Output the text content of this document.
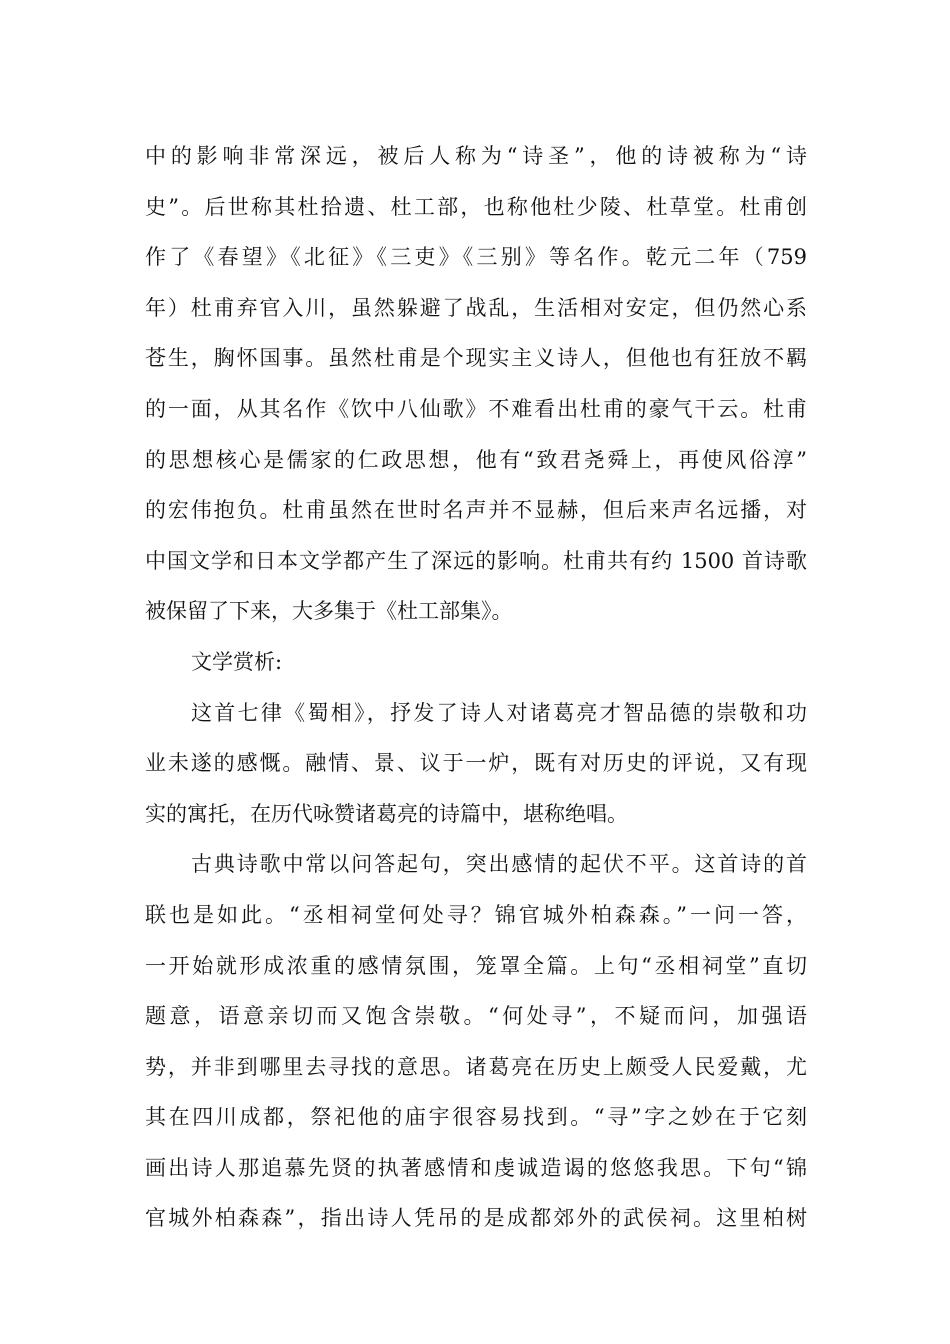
中的影响非常深远，被后人称为“诗圣”，他的诗被称为“诗
史”。后世称其杜拾遗、杜工部，也称他杜少陵、杜草堂。杜甫创
作了《春望》《北征》《三吏》《三别》等名作。乾元二年（759
年）杜甫弃官入川，虽然躲避了战乱，生活相对安定，但仍然心系
苍生，胸怀国事。虽然杜甫是个现实主义诗人，但他也有狂放不羁
的一面，从其名作《饮中八仙歌》不难看出杜甫的豪气干云。杜甫
的思想核心是儒家的仁政思想，他有“致君尧舜上，再使风俗淳”
的宏伟抱负。杜甫虽然在世时名声并不显赫，但后来声名远播，对
中国文学和日本文学都产生了深远的影响。杜甫共有约 1500 首诗歌
被保留了下来，大多集于《杜工部集》。
文学赏析:
这首七律《蜀相》，抒发了诗人对诸葛亮才智品德的崇敬和功
业未遂的感慨。融情、景、议于一炉，既有对历史的评说，又有现
实的寓托，在历代咏赞诸葛亮的诗篇中，堪称绝唱。
古典诗歌中常以问答起句，突出感情的起伏不平。这首诗的首
联也是如此。“丞相祠堂何处寻？锦官城外柏森森。”一问一答，
一开始就形成浓重的感情氛围，笼罩全篇。上句“丞相祠堂”直切
题意，语意亲切而又饱含崇敬。“何处寻”，不疑而问，加强语
势，并非到哪里去寻找的意思。诸葛亮在历史上颇受人民爱戴，尤
其在四川成都，祭祀他的庙宇很容易找到。“寻”字之妙在于它刻
画出诗人那追慕先贤的执著感情和虔诚造谒的悠悠我思。下句“锦
官城外柏森森”，指出诗人凭吊的是成都郊外的武侯祠。这里柏树
